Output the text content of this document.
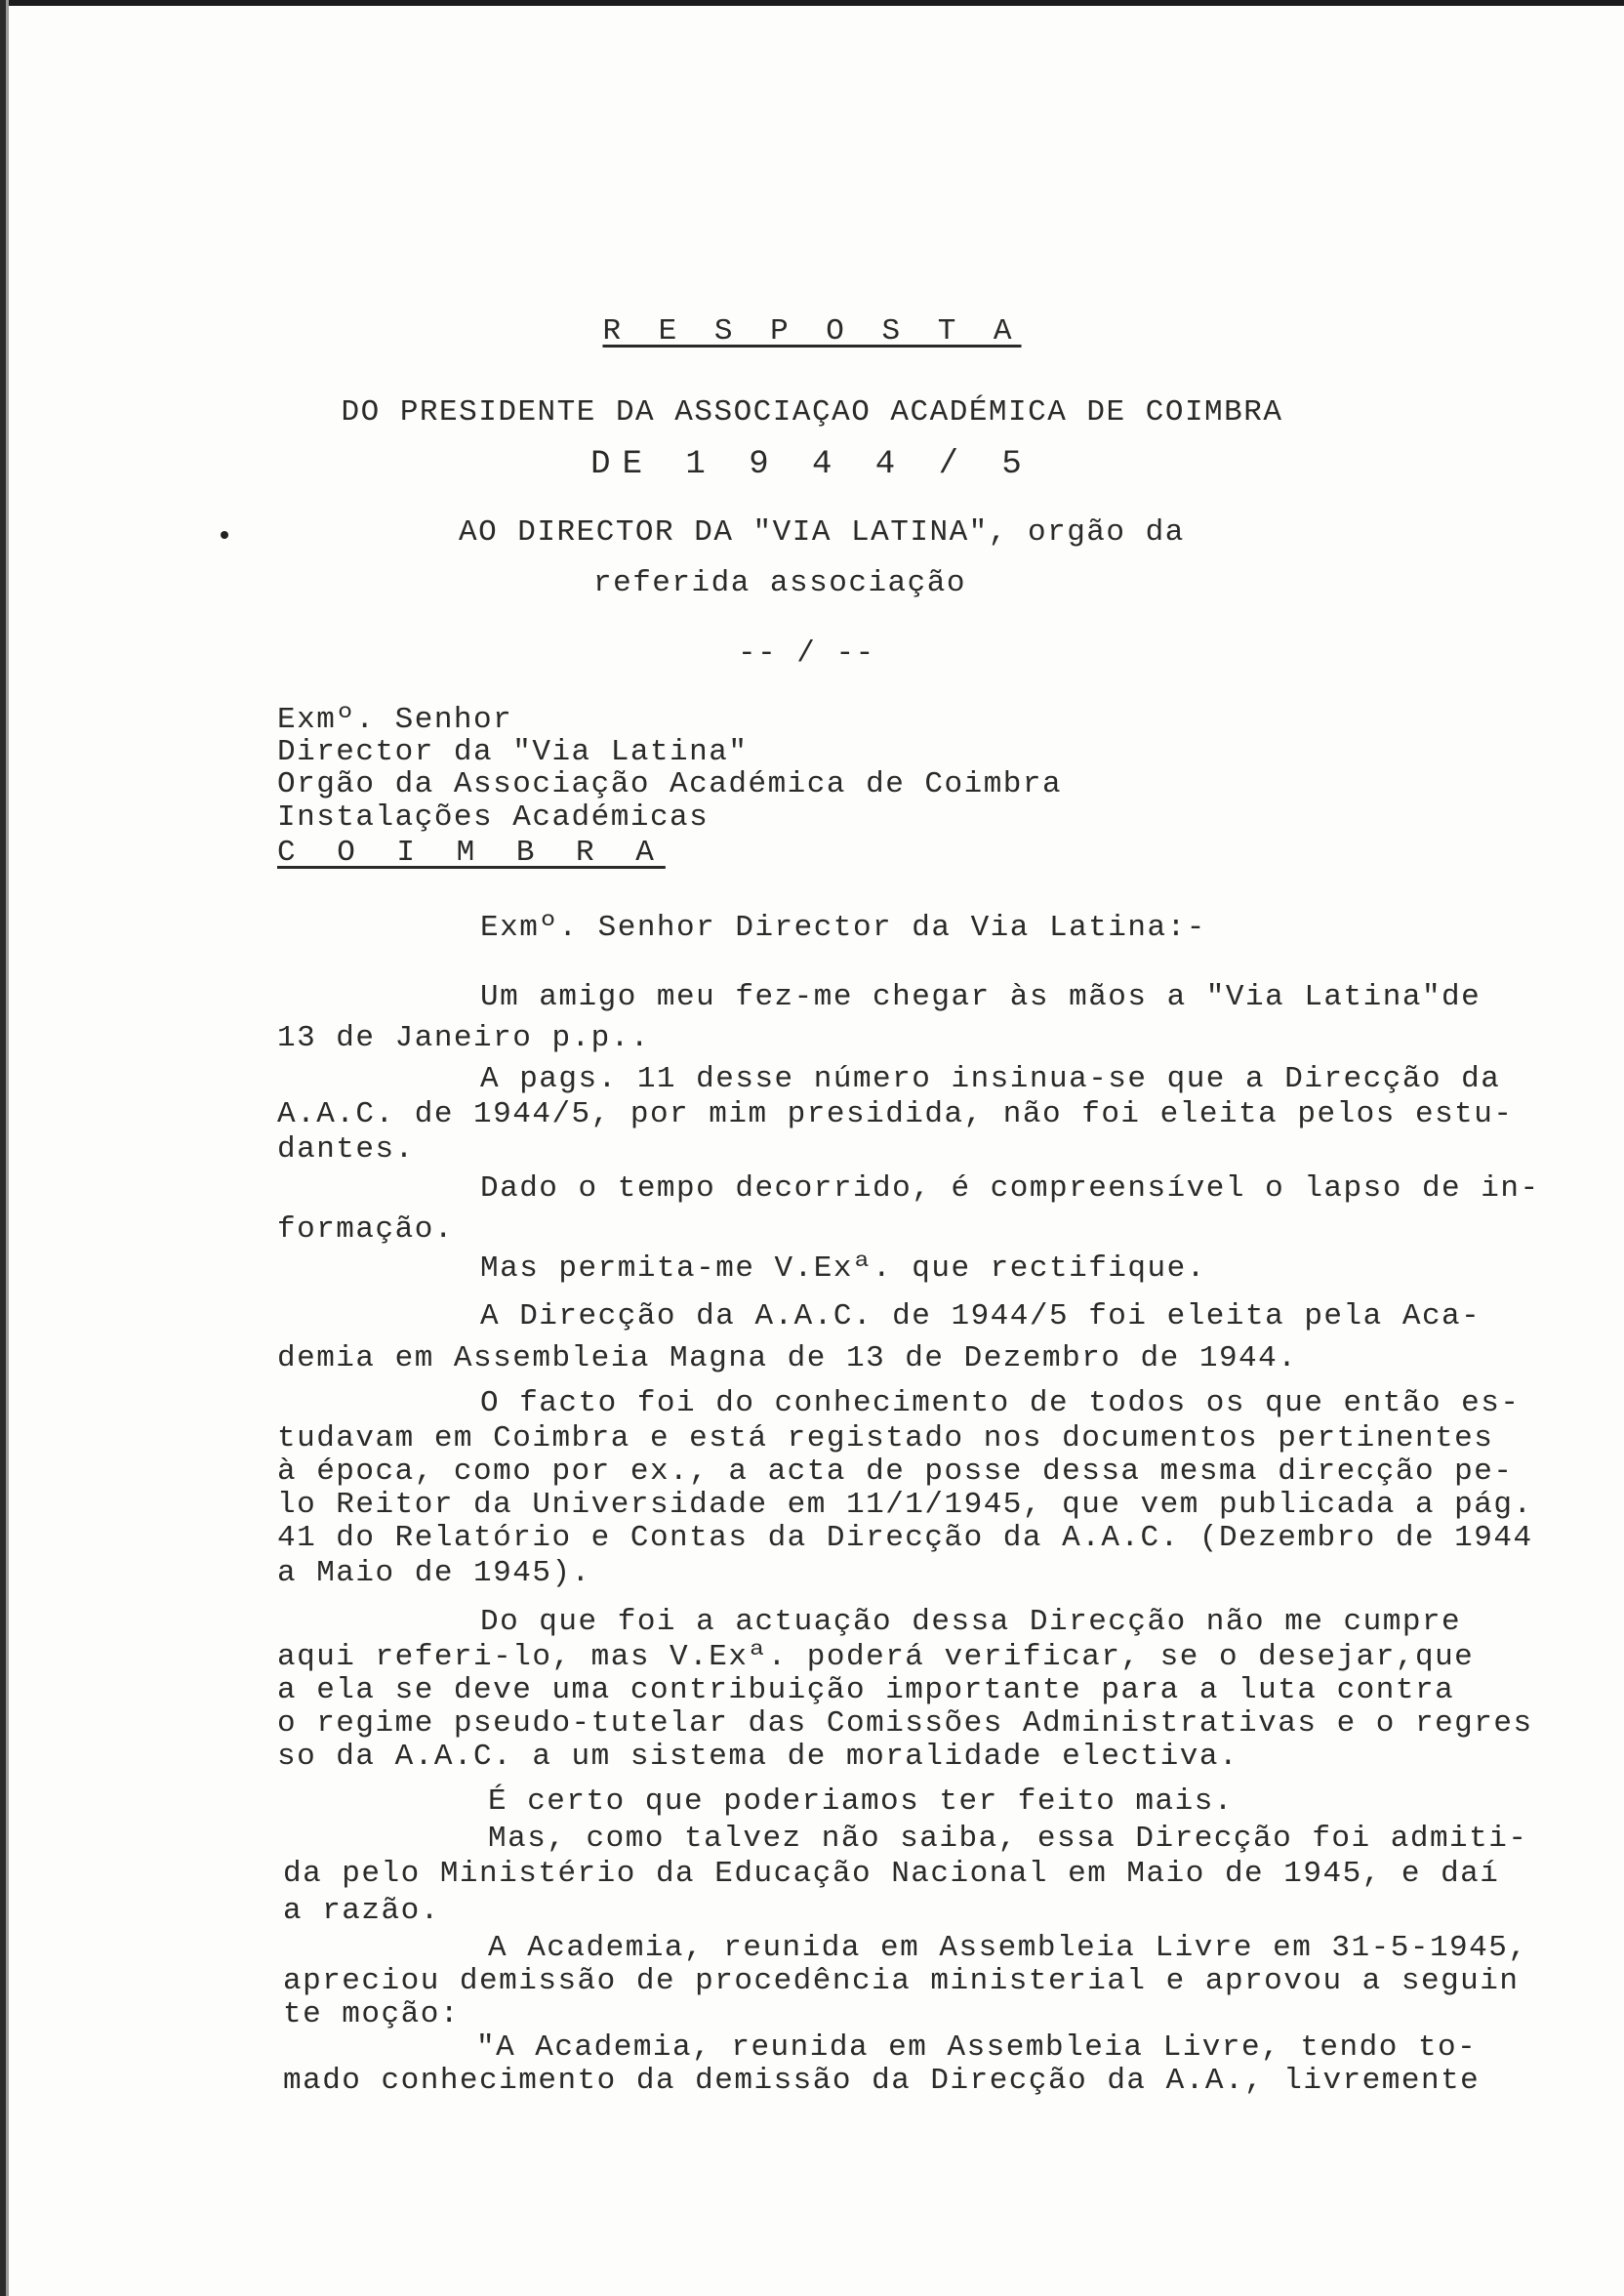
R E S P O S T A
DO PRESIDENTE DA ASSOCIAÇAO ACADÉMICA DE COIMBRA
DE 1 9 4 4 / 5
AO DIRECTOR DA "VIA LATINA", orgão da
referida associação
-- / --
Exmº. Senhor
Director da "Via Latina"
Orgão da Associação Académica de Coimbra
Instalações Académicas
C O I M B R A
Exmº. Senhor Director da Via Latina:-
Um amigo meu fez-me chegar às mãos a "Via Latina"de
13 de Janeiro p.p..
A pags. 11 desse número insinua-se que a Direcção da
A.A.C. de 1944/5, por mim presidida, não foi eleita pelos estu-
dantes.
Dado o tempo decorrido, é compreensível o lapso de in-
formação.
Mas permita-me V.Exª. que rectifique.
A Direcção da A.A.C. de 1944/5 foi eleita pela Aca-
demia em Assembleia Magna de 13 de Dezembro de 1944.
O facto foi do conhecimento de todos os que então es-
tudavam em Coimbra e está registado nos documentos pertinentes
à época, como por ex., a acta de posse dessa mesma direcção pe-
lo Reitor da Universidade em 11/1/1945, que vem publicada a pág.
41 do Relatório e Contas da Direcção da A.A.C. (Dezembro de 1944
a Maio de 1945).
Do que foi a actuação dessa Direcção não me cumpre
aqui referi-lo, mas V.Exª. poderá verificar, se o desejar,que
a ela se deve uma contribuição importante para a luta contra
o regime pseudo-tutelar das Comissões Administrativas e o regres
so da A.A.C. a um sistema de moralidade electiva.
É certo que poderiamos ter feito mais.
Mas, como talvez não saiba, essa Direcção foi admiti-
da pelo Ministério da Educação Nacional em Maio de 1945, e daí
a razão.
A Academia, reunida em Assembleia Livre em 31-5-1945,
apreciou demissão de procedência ministerial e aprovou a seguin
te moção:
"A Academia, reunida em Assembleia Livre, tendo to-
mado conhecimento da demissão da Direcção da A.A., livremente
